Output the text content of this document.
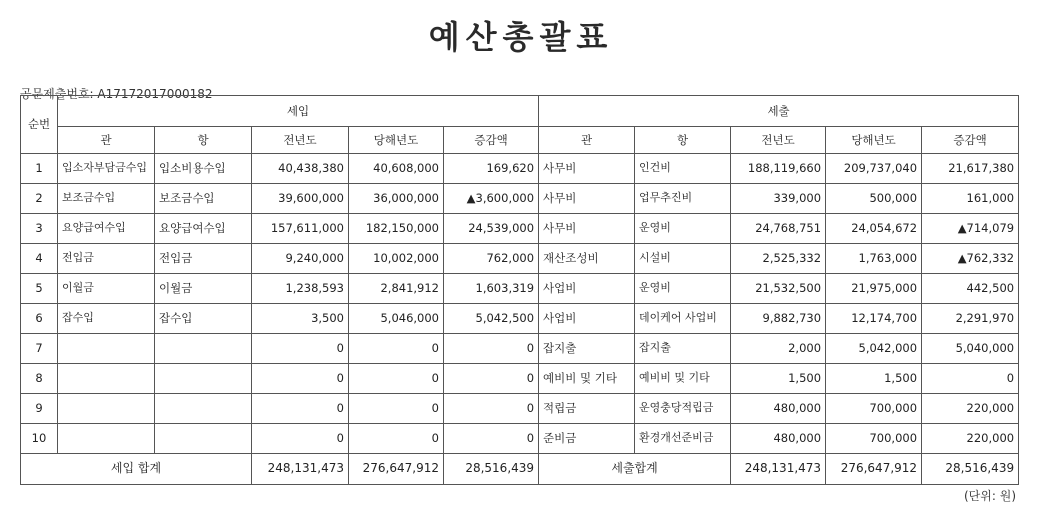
예산총괄표
공문제출번호: A17172017000182
순번	세입					세출				
	관	항	전년도	당해년도	증감액	관	항	전년도	당해년도	증감액
1	입소자부담금수입	입소비용수입	40,438,380	40,608,000	169,620	사무비	인건비	188,119,660	209,737,040	21,617,380
2	보조금수입	보조금수입	39,600,000	36,000,000	▲3,600,000	사무비	업무추진비	339,000	500,000	161,000
3	요양급여수입	요양급여수입	157,611,000	182,150,000	24,539,000	사무비	운영비	24,768,751	24,054,672	▲714,079
4	전입금	전입금	9,240,000	10,002,000	762,000	재산조성비	시설비	2,525,332	1,763,000	▲762,332
5	이월금	이월금	1,238,593	2,841,912	1,603,319	사업비	운영비	21,532,500	21,975,000	442,500
6	잡수입	잡수입	3,500	5,046,000	5,042,500	사업비	데이케어 사업비	9,882,730	12,174,700	2,291,970
7			0	0	0	잡지출	잡지출	2,000	5,042,000	5,040,000
8			0	0	0	예비비 및 기타	예비비 및 기타	1,500	1,500	0
9			0	0	0	적립금	운영충당적립금	480,000	700,000	220,000
10			0	0	0	준비금	환경개선준비금	480,000	700,000	220,000
세입 합계			248,131,473	276,647,912	28,516,439	세출합계		248,131,473	276,647,912	28,516,439
(단위: 원)
